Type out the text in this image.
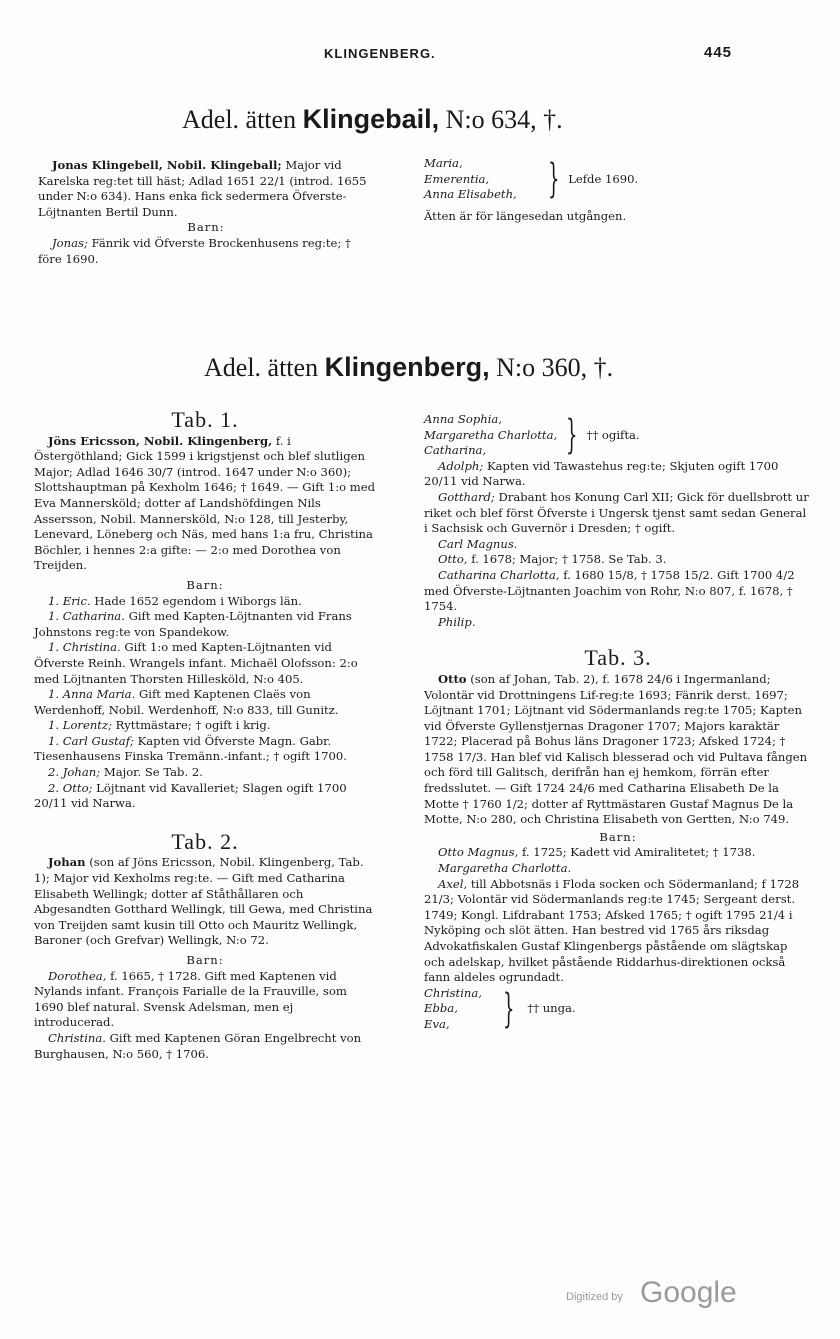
KLINGENBERG.	445
Adel. ätten Klingebail, N:o 634, †.

Jonas Klingebell, Nobil. Klingeball; Major vid Karelska reg:tet till häst; Adlad 1651 22/1 (introd. 1655 under N:o 634). Hans enka fick sedermera Öfverste-Löjtnanten Bertil Dunn.

Barn:

Jonas; Fänrik vid Öfverste Brockenhusens reg:te; † före 1690.

Maria,
Emerentia,
Anna Elisabeth, } Lefde 1690.

Ätten är för längesedan utgången.

Adel. ätten Klingenberg, N:o 360, †.
Tab. 1.

Jöns Ericsson, Nobil. Klingenberg, f. i Östergöthland; Gick 1599 i krigstjenst och blef slutligen Major; Adlad 1646 30/7 (introd. 1647 under N:o 360); Slottshauptman på Kexholm 1646; † 1649. — Gift 1:o med Eva Mannersköld; dotter af Landshöfdingen Nils Assersson, Nobil. Mannersköld, N:o 128, till Jesterby, Lenevard, Löneberg och Näs, med hans 1:a fru, Christina Böchler, i hennes 2:a gifte: — 2:o med Dorothea von Treijden.

Barn:

1. Eric. Hade 1652 egendom i Wiborgs län.

1. Catharina. Gift med Kapten-Löjtnanten vid Frans Johnstons reg:te von Spandekow.

1. Christina. Gift 1:o med Kapten-Löjtnanten vid Öfverste Reinh. Wrangels infant. Michaël Olofsson: 2:o med Löjtnanten Thorsten Hillesköld, N:o 405.

1. Anna Maria. Gift med Kaptenen Claës von Werdenhoff, Nobil. Werdenhoff, N:o 833, till Gunitz.

1. Lorentz; Ryttmästare; † ogift i krig.

1. Carl Gustaf; Kapten vid Öfverste Magn. Gabr. Tiesenhausens Finska Tremänn.-infant.; † ogift 1700.

2. Johan; Major. Se Tab. 2.

2. Otto; Löjtnant vid Kavalleriet; Slagen ogift 1700 20/11 vid Narwa.

Tab. 2.

Johan (son af Jöns Ericsson, Nobil. Klingenberg, Tab. 1); Major vid Kexholms reg:te. — Gift med Catharina Elisabeth Wellingk; dotter af Ståthållaren och Abgesandten Gotthard Wellingk, till Gewa, med Christina von Treijden samt kusin till Otto och Mauritz Wellingk, Baroner (och Grefvar) Wellingk, N:o 72.

Barn:

Dorothea, f. 1665, † 1728. Gift med Kaptenen vid Nylands infant. François Farialle de la Frauville, som 1690 blef natural. Svensk Adelsman, men ej introducerad.

Christina. Gift med Kaptenen Göran Engelbrecht von Burghausen, N:o 560, † 1706.

Anna Sophia,
Margaretha Charlotta,
Catharina,	} †† ogifta.

Adolph; Kapten vid Tawastehus reg:te; Skjuten ogift 1700 20/11 vid Narwa.

Gotthard; Drabant hos Konung Carl XII; Gick för duellsbrott ur riket och blef först Öfverste i Ungersk tjenst samt sedan General i Sachsisk och Guvernör i Dresden; † ogift.

Carl Magnus.

Otto, f. 1678; Major; † 1758. Se Tab. 3.

Catharina Charlotta, f. 1680 15/8, † 1758 15/2. Gift 1700 4/2 med Öfverste-Löjtnanten Joachim von Rohr, N:o 807, f. 1678, † 1754.

Philip.

Tab. 3.

Otto (son af Johan, Tab. 2), f. 1678 24/6 i Ingermanland; Volontär vid Drottningens Lif-reg:te 1693; Fänrik derst. 1697; Löjtnant 1701; Löjtnant vid Södermanlands reg:te 1705; Kapten vid Öfverste Gyllenstjernas Dragoner 1707; Majors karaktär 1722; Placerad på Bohus läns Dragoner 1723; Afsked 1724; † 1758 17/3. Han blef vid Kalisch blesserad och vid Pultava fången och förd till Galitsch, derifrån han ej hemkom, förrän efter fredsslutet. — Gift 1724 24/6 med Catharina Elisabeth De la Motte † 1760 1/2; dotter af Ryttmästaren Gustaf Magnus De la Motte, N:o 280, och Christina Elisabeth von Gertten, N:o 749.

Barn:

Otto Magnus, f. 1725; Kadett vid Amiralitetet; † 1738.

Margaretha Charlotta.

Axel, till Abbotsnäs i Floda socken och Södermanland; f 1728 21/3; Volontär vid Södermanlands reg:te 1745; Sergeant derst. 1749; Kongl. Lifdrabant 1753; Afsked 1765; † ogift 1795 21/4 i Nyköping och slöt ätten. Han bestred vid 1765 års riksdag Advokatfiskalen Gustaf Klingenbergs påstående om slägtskap och adelskap, hvilket påstående Riddarhus-direktionen också fann aldeles ogrundadt.

Christina,
Ebba,
Eva,	} †† unga.
Digitized by Google
